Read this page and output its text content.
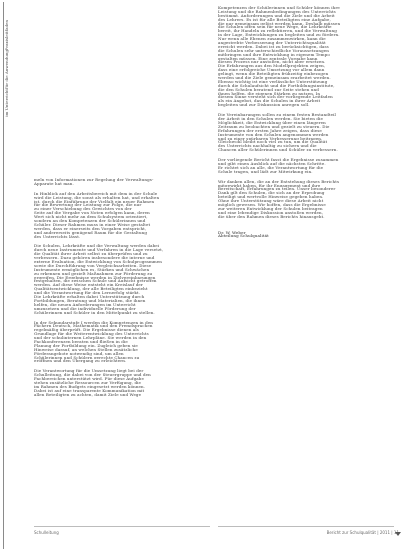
Praxisleitfaden
für die Anwendung
im Unterricht
meln von Informationen zur Regelung der Verwaltungs-
Apparate hat man.
In Hinblick auf den Arbeitsbereich mit dem in der Schule
wird die Leistung, die sonst als erhalten hat, und erhalten
ist, durch die Einführung der Vielfalt ein neuer Rahmen
für die Bewertung der Leistung zur Folge, die nur
zu einer Verschiebung des Gewichtes von der
Seite auf die Vergabe von Noten erfolgen kann, deren
Wert sich nicht mehr an dem Schulsystem orientiert,
sondern an den Kompetenzen der Schülerinnen und
Schüler. Dieser Rahmen muss in einer Weise gestaltet
werden, dass er einerseits den Vorgaben entspricht,
und andererseits genügend Raum für die Gestaltung
des Unterrichts lässt.
Die Schulen, Lehrkräfte und die Verwaltung werden dabei
durch neue Instrumente und Verfahren in die Lage versetzt,
die Qualität ihrer Arbeit selbst zu überprüfen und zu
verbessern. Dazu gehören insbesondere die interne und
externe Evaluation, die Entwicklung von Schulprogrammen
sowie die Durchführung von Vergleichsarbeiten. Diese
Instrumente ermöglichen es, Stärken und Schwächen
zu erkennen und gezielt Maßnahmen zur Förderung zu
ergreifen. Die Ergebnisse werden in Zielvereinbarungen
festgehalten, die zwischen Schule und Aufsicht getroffen
werden. Auf diese Weise entsteht ein Kreislauf der
Qualitätsentwicklung, der alle Beteiligten einbezieht
und die Verantwortung für den Lernerfolg stärkt.
Die Lehrkräfte erhalten dabei Unterstützung durch
Fortbildungen, Beratung und Materialien, die ihnen
helfen, die neuen Anforderungen im Unterricht
umzusetzen und die individuelle Förderung der
Schülerinnen und Schüler in den Mittelpunkt zu stellen.
In der Sekundarstufe I werden die Kompetenzen in den
Fächern Deutsch, Mathematik und den Fremdsprachen
regelmäßig überprüft. Die Ergebnisse dienen als
Grundlage für die Weiterentwicklung des Unterrichts
und der schulinternen Lehrpläne. Sie werden in den
Fachkonferenzen beraten und fließen in die
Planung der Fortbildung ein. Zugleich geben sie
Hinweise darauf, an welchen Stellen zusätzliche
Förderangebote notwendig sind, um allen
Schülerinnen und Schülern gerechte Chancen zu
eröffnen und den Übergang zu erleichtern.
Die Verantwortung für die Umsetzung liegt bei der
Schulleitung, die dabei von der Steuergruppe und den
Fachbereichen unterstützt wird. Für diese Aufgabe
stehen zusätzliche Ressourcen zur Verfügung, die
im Rahmen des Budgets eingesetzt werden können.
Dabei ist auf eine transparente Kommunikation mit
allen Beteiligten zu achten, damit Ziele und Wege
Kompetenzen der Schülerinnen und Schüler können ihre
Leistung und die Rahmenbedingungen des Unterrichts
bestimmt. Anforderungen und die Ziele und die Arbeit
des Lehrers. Es ist für alle Beteiligten eine Aufgabe,
die nur gemeinsam gelöst werden kann. Deshalb müssen
die Schulen offen sein für neue Wege, die Lehrkräfte
bereit, ihr Handeln zu reflektieren, und die Verwaltung
in der Lage, Entwicklungen zu begleiten und zu fördern.
Nur wenn alle Ebenen zusammenwirken, kann die
angestrebte Verbesserung der Unterrichtsqualität
erreicht werden. Dabei ist zu berücksichtigen, dass
die Schulen sehr unterschiedliche Voraussetzungen
mitbringen und ihre Entwicklung in eigenem Tempo
gestalten müssen. Eine zentrale Vorgabe kann
diesen Prozess nur anstoßen, nicht aber ersetzen.
Die Erfahrungen aus den Modellprojekten zeigen,
dass eine erfolgreiche Umsetzung vor allem dann
gelingt, wenn die Beteiligten frühzeitig einbezogen
werden und die Ziele gemeinsam erarbeitet werden.
Ebenso wichtig ist eine verlässliche Unterstützung
durch die Schulaufsicht und die Fortbildungsinstitute,
die den Schulen beratend zur Seite stehen und
ihnen helfen, die eigenen Stärken zu nutzen. In
diesem Sinne versteht sich der vorliegende Leitfaden
als ein Angebot, das die Schulen in ihrer Arbeit
begleiten und zur Diskussion anregen soll.
Die Vereinbarungen sollen zu einem festen Bestandteil
der Arbeit in den Schulen werden. Sie bieten die
Möglichkeit, die Entwicklung über einen längeren
Zeitraum zu beobachten und gezielt zu steuern. Die
Erfahrungen der ersten Jahre zeigen, dass diese
Instrumente von den Schulen angenommen werden
und zu einer spürbaren Verbesserung beitragen.
Gleichwohl bleibt noch viel zu tun, um die Qualität
des Unterrichts nachhaltig zu sichern und die
Chancen aller Schülerinnen und Schüler zu verbessern.
Der vorliegende Bericht fasst die Ergebnisse zusammen
und gibt einen Ausblick auf die nächsten Schritte.
Er richtet sich an alle, die Verantwortung für die
Schule tragen, und lädt zur Mitwirkung ein.
Wir danken allen, die an der Entstehung dieses Berichts
mitgewirkt haben, für ihr Engagement und ihre
Bereitschaft, Erfahrungen zu teilen. Unser besonderer
Dank gilt den Schulen, die sich an der Erprobung
beteiligt und wertvolle Hinweise gegeben haben.
Ohne ihre Unterstützung wäre diese Arbeit nicht
möglich gewesen. Wir hoffen, dass die Ergebnisse
zur weiteren Entwicklung der Schulen beitragen
und eine lebendige Diskussion anstoßen werden,
die über den Rahmen dieses Berichts hinausgeht.
Dr. W. Weber
Abteilung Schulqualität
Schulleitung	Bericht zur Schulqualität | 2011 | 11
